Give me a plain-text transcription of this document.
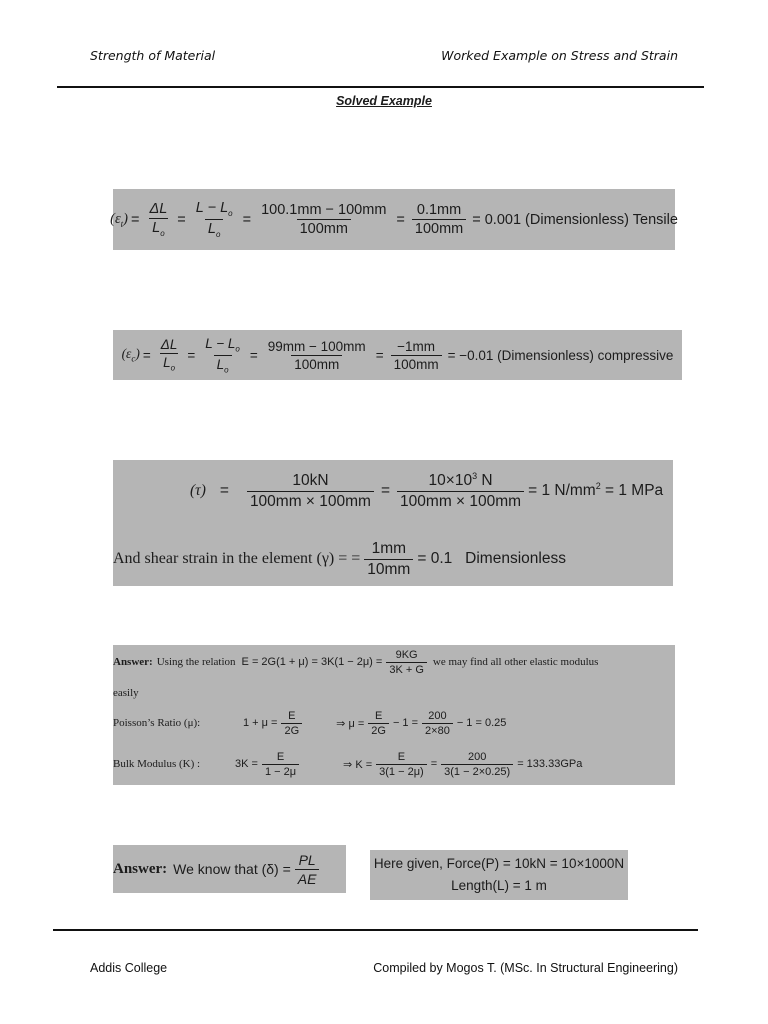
Strength of Material	Worked Example on Stress and Strain
Solved Example
$(\varepsilon_t) = \frac{\Delta L}{L_o} = \frac{L - L_o}{L_o} = \frac{100.1mm - 100mm}{100mm} = \frac{0.1mm}{100mm} = 0.001$ (Dimensionless) Tensile
$(\varepsilon_c) = \frac{\Delta L}{L_o} = \frac{L - L_o}{L_o} = \frac{99mm - 100mm}{100mm} = \frac{-1mm}{100mm} = -0.01$ (Dimensionless) compressive
$(\tau) = \frac{10kN}{100mm \times 100mm} = \frac{10\times 10^3 N}{100mm \times 100mm} = 1$ $N/mm^2 = 1$ MPa
And shear strain in the element (γ) = = $\frac{1mm}{10mm} = 0.1$   Dimensionless
Answer: Using the relation $E = 2G(1 + \mu) = 3K(1 - 2\mu) = \frac{9KG}{3K + G}$ we may find all other elastic modulus
easily
Poisson’s Ratio (μ):	$1 + \mu = \frac{E}{2G}$	⇒ $\mu = \frac{E}{2G} - 1 = \frac{200}{2\times 80} - 1 = 0.25$
Bulk Modulus (K) :	$3K = \frac{E}{1 - 2\mu}$	⇒ $K = \frac{E}{3(1 - 2\mu)} = \frac{200}{3(1 - 2\times 0.25)} = 133.33GPa$
Answer: We know that $(\delta) = \frac{PL}{AE}$	Here given, Force(P) = 10kN = 10×1000N
Length(L) = 1 m
Addis College	Compiled by Mogos T. (MSc. In Structural Engineering)
